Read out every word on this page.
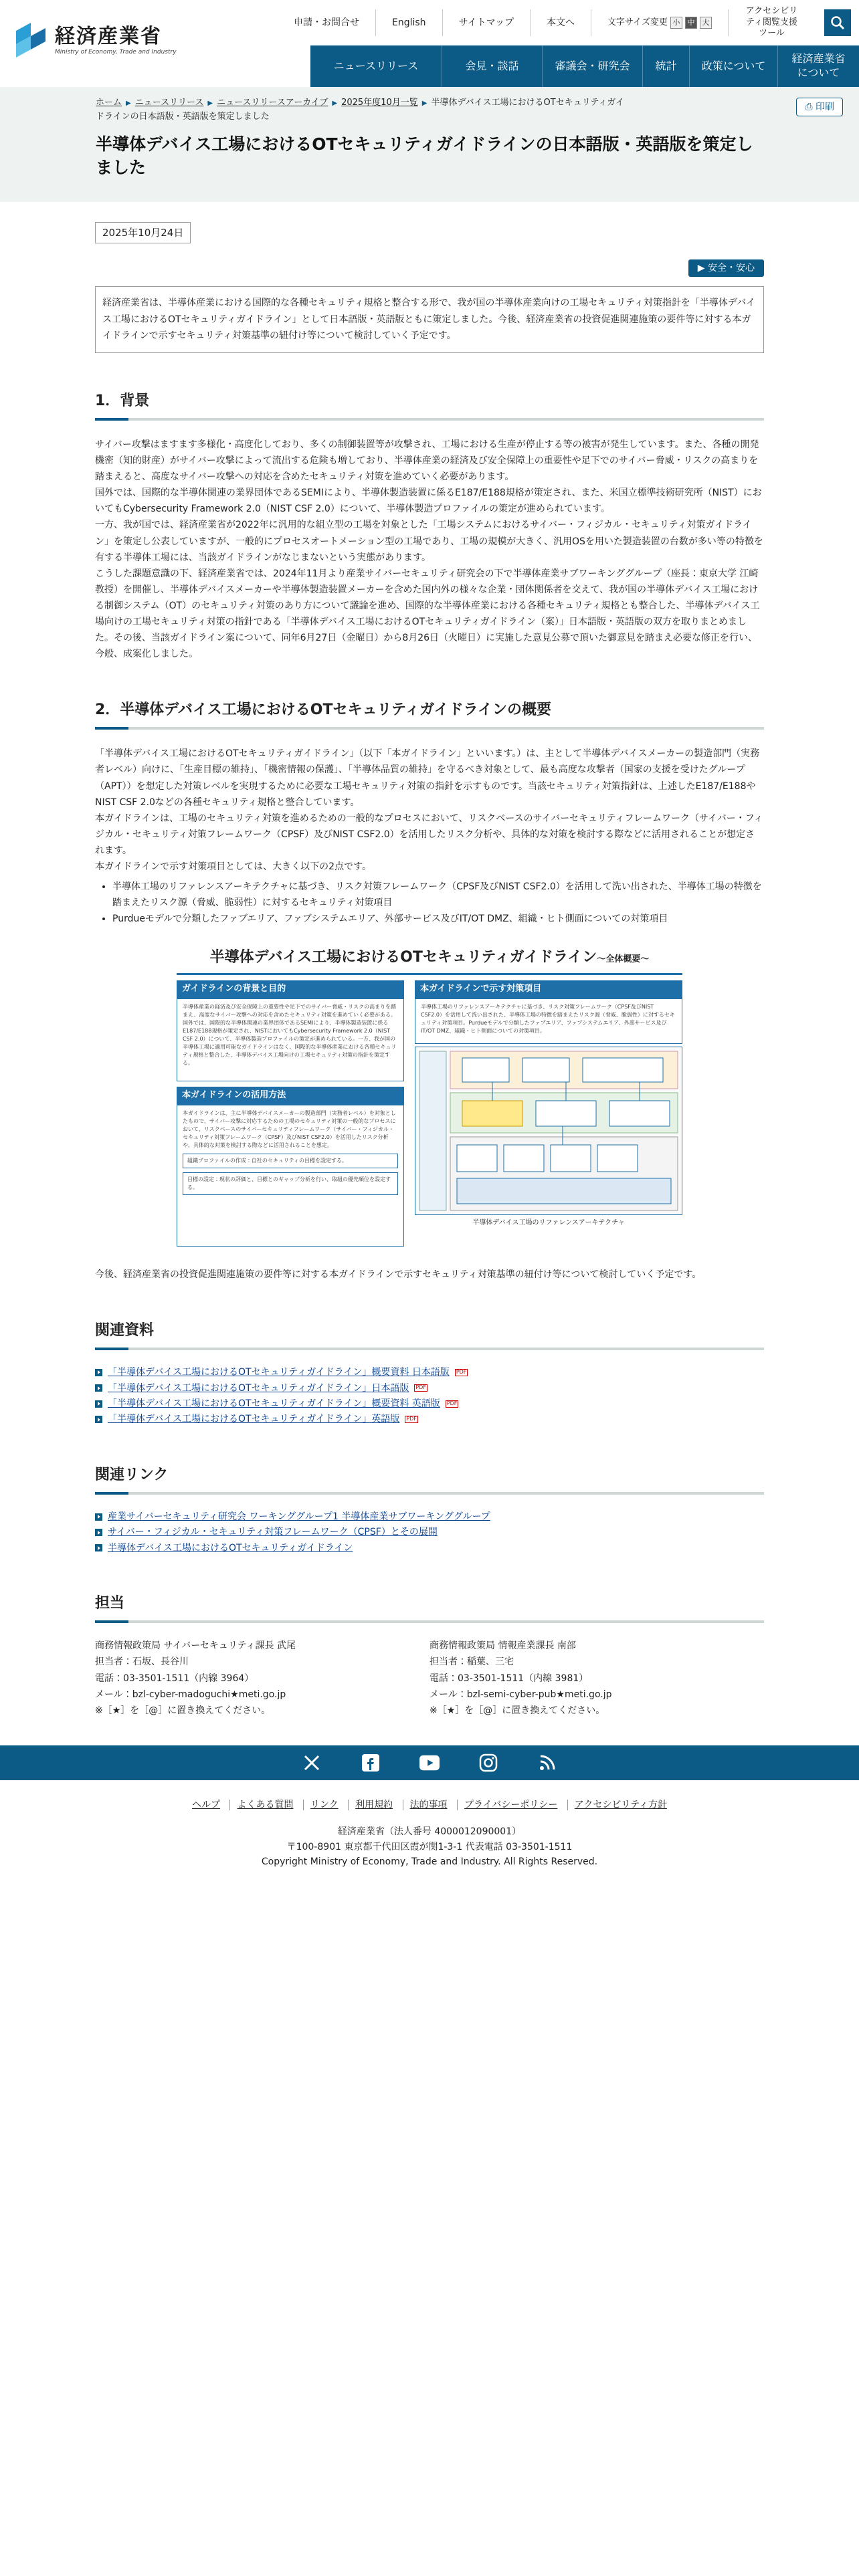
経済産業省
Ministry of Economy, Trade and Industry
申請・お問合せ	English	サイトマップ	本文へ	文字サイズ変更 小	中	大
アクセシビリティ閲覧支援ツール
ニュースリリース	会見・談話	審議会・研究会	統計	政策について
経済産業省について
ホーム ▶ ニュースリリース ▶ ニュースリリースアーカイブ ▶ 2025年度10月一覧 ▶ 半導体デバイス工場におけるOTセキュリティガイドラインの日本語版・英語版を策定しました
⎙ 印刷
半導体デバイス工場におけるOTセキュリティガイドラインの日本語版・英語版を策定しました
2025年10月24日
▶ 安全・安心
経済産業省は、半導体産業における国際的な各種セキュリティ規格と整合する形で、我が国の半導体産業向けの工場セキュリティ対策指針を「半導体デバイス工場におけるOTセキュリティガイドライン」として日本語版・英語版ともに策定しました。今後、経済産業省の投資促進関連施策の要件等に対する本ガイドラインで示すセキュリティ対策基準の紐付け等について検討していく予定です。
1．背景

サイバー攻撃はますます多様化・高度化しており、多くの制御装置等が攻撃され、工場における生産が停止する等の被害が発生しています。また、各種の開発機密（知的財産）がサイバー攻撃によって流出する危険も増しており、半導体産業の経済及び安全保障上の重要性や足下でのサイバー脅威・リスクの高まりを踏まえると、高度なサイバー攻撃への対応を含めたセキュリティ対策を進めていく必要があります。

国外では、国際的な半導体関連の業界団体であるSEMIにより、半導体製造装置に係るE187/E188規格が策定され、また、米国立標準技術研究所（NIST）においてもCybersecurity Framework 2.0（NIST CSF 2.0）について、半導体製造プロファイルの策定が進められています。

一方、我が国では、経済産業省が2022年に汎用的な組立型の工場を対象とした「工場システムにおけるサイバー・フィジカル・セキュリティ対策ガイドライン」を策定し公表していますが、一般的にプロセスオートメーション型の工場であり、工場の規模が大きく、汎用OSを用いた製造装置の台数が多い等の特徴を有する半導体工場には、当該ガイドラインがなじまないという実態があります。

こうした課題意識の下、経済産業省では、2024年11月より産業サイバーセキュリティ研究会の下で半導体産業サブワーキンググループ（座長：東京大学 江崎教授）を開催し、半導体デバイスメーカーや半導体製造装置メーカーを含めた国内外の様々な企業・団体関係者を交えて、我が国の半導体デバイス工場における制御システム（OT）のセキュリティ対策のあり方について議論を進め、国際的な半導体産業における各種セキュリティ規格とも整合した、半導体デバイス工場向けの工場セキュリティ対策の指針である「半導体デバイス工場におけるOTセキュリティガイドライン（案）」日本語版・英語版の双方を取りまとめました。その後、当該ガイドライン案について、同年6月27日（金曜日）から8月26日（火曜日）に実施した意見公募で頂いた御意見を踏まえ必要な修正を行い、今般、成案化しました。

2．半導体デバイス工場におけるOTセキュリティガイドラインの概要

「半導体デバイス工場におけるOTセキュリティガイドライン」（以下「本ガイドライン」といいます。）は、主として半導体デバイスメーカーの製造部門（実務者レベル）向けに、「生産目標の維持」、「機密情報の保護」、「半導体品質の維持」を守るべき対象として、最も高度な攻撃者（国家の支援を受けたグループ（APT））を想定した対策レベルを実現するために必要な工場セキュリティ対策の指針を示すものです。当該セキュリティ対策指針は、上述したE187/E188やNIST CSF 2.0などの各種セキュリティ規格と整合しています。

本ガイドラインは、工場のセキュリティ対策を進めるための一般的なプロセスにおいて、リスクベースのサイバーセキュリティフレームワーク（サイバー・フィジカル・セキュリティ対策フレームワーク（CPSF）及びNIST CSF2.0）を活用したリスク分析や、具体的な対策を検討する際などに活用されることが想定されます。

本ガイドラインで示す対策項目としては、大きく以下の2点です。

• 半導体工場のリファレンスアーキテクチャに基づき、リスク対策フレームワーク（CPSF及びNIST CSF2.0）を活用して洗い出された、半導体工場の特徴を踏まえたリスク源（脅威、脆弱性）に対するセキュリティ対策項目
• Purdueモデルで分類したファブエリア、ファブシステムエリア、外部サービス及びIT/OT DMZ、組織・ヒト側面についての対策項目
半導体デバイス工場におけるOTセキュリティガイドライン〜全体概要〜
ガイドラインの背景と目的
半導体産業の経済及び安全保障上の重要性や足下でのサイバー脅威・リスクの高まりを踏まえ、高度なサイバー攻撃への対応を含めたセキュリティ対策を進めていく必要がある。国外では、国際的な半導体関連の業界団体であるSEMIにより、半導体製造装置に係るE187/E188規格が策定され、NISTにおいてもCybersecurity Framework 2.0（NIST CSF 2.0）について、半導体製造プロファイルの策定が進められている。一方、我が国の半導体工場に適用可能なガイドラインはなく、国際的な半導体産業における各種セキュリティ規格と整合した、半導体デバイス工場向けの工場セキュリティ対策の指針を策定する。
本ガイドラインの活用方法
本ガイドラインは、主に半導体デバイスメーカーの製造部門（実務者レベル）を対象としたもので、サイバー攻撃に対応するための工場のセキュリティ対策の一般的なプロセスにおいて、リスクベースのサイバーセキュリティフレームワーク（サイバー・フィジカル・セキュリティ対策フレームワーク（CPSF）及びNIST CSF2.0）を活用したリスク分析や、具体的な対策を検討する際などに活用されることを想定。
組織プロファイルの作成：自社のセキュリティの目標を設定する。
目標の設定：現状の評価と、目標とのギャップ分析を行い、取組の優先順位を設定する。
本ガイドラインで示す対策項目
半導体工場のリファレンスアーキテクチャに基づき、リスク対策フレームワーク（CPSF及びNIST CSF2.0）を活用して洗い出された、半導体工場の特徴を踏まえたリスク源（脅威、脆弱性）に対するセキュリティ対策項目。Purdueモデルで分類したファブエリア、ファブシステムエリア、外部サービス及びIT/OT DMZ、組織・ヒト側面についての対策項目。
半導体デバイス工場のリファレンスアーキテクチャ
今後、経済産業省の投資促進関連施策の要件等に対する本ガイドラインで示すセキュリティ対策基準の紐付け等について検討していく予定です。
関連資料
「半導体デバイス工場におけるOTセキュリティガイドライン」概要資料 日本語版 PDF
「半導体デバイス工場におけるOTセキュリティガイドライン」日本語版 PDF
「半導体デバイス工場におけるOTセキュリティガイドライン」概要資料 英語版 PDF
「半導体デバイス工場におけるOTセキュリティガイドライン」英語版 PDF
関連リンク
産業サイバーセキュリティ研究会 ワーキンググループ1 半導体産業サブワーキンググループ
サイバー・フィジカル・セキュリティ対策フレームワーク（CPSF）とその展開
半導体デバイス工場におけるOTセキュリティガイドライン
担当
商務情報政策局 サイバーセキュリティ課長 武尾
担当者：石坂、長谷川
電話：03-3501-1511（内線 3964）
メール：bzl-cyber-madoguchi★meti.go.jp
※［★］を［@］に置き換えてください。
商務情報政策局 情報産業課長 南部
担当者：稲葉、三宅
電話：03-3501-1511（内線 3981）
メール：bzl-semi-cyber-pub★meti.go.jp
※［★］を［@］に置き換えてください。
ヘルプ よくある質問 リンク 利用規約 法的事項 プライバシーポリシー アクセシビリティ方針
経済産業省（法人番号 4000012090001）
〒100-8901 東京都千代田区霞が関1-3-1 代表電話 03-3501-1511
Copyright Ministry of Economy, Trade and Industry. All Rights Reserved.
